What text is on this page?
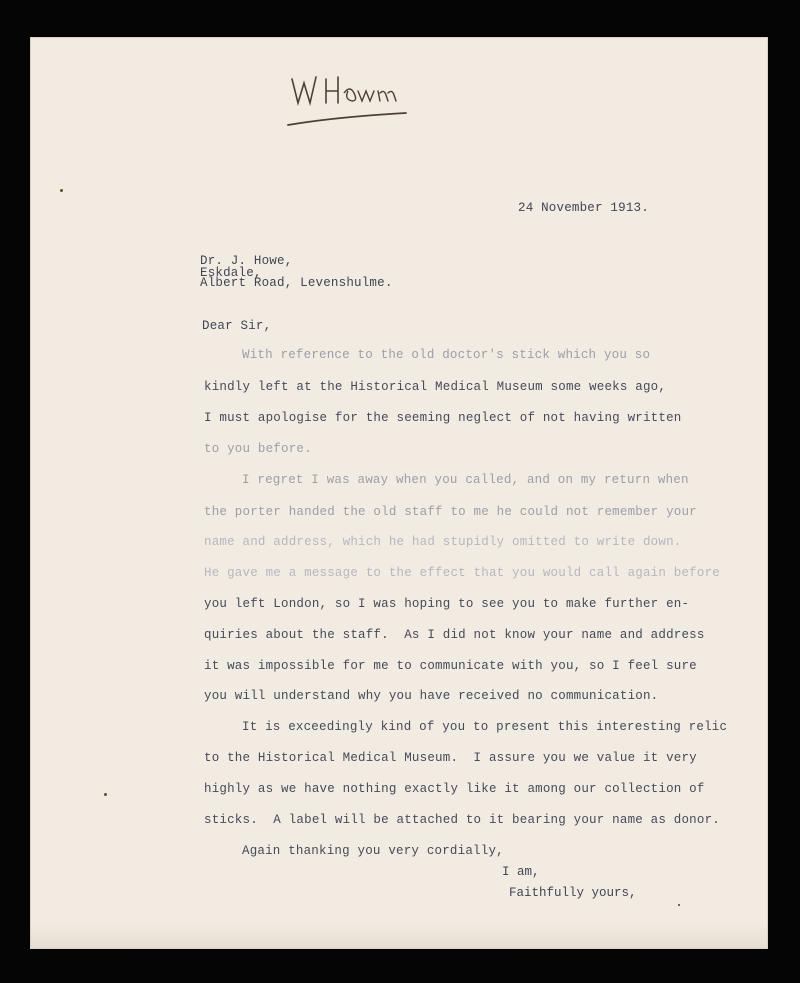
24 November 1913.
Dr. J. Howe,
Eskdale,
Albert Road, Levenshulme.
Dear Sir,
With reference to the old doctor's stick which you so
kindly left at the Historical Medical Museum some weeks ago,
I must apologise for the seeming neglect of not having written
to you before.
I regret I was away when you called, and on my return when
the porter handed the old staff to me he could not remember your
name and address, which he had stupidly omitted to write down.
He gave me a message to the effect that you would call again before
you left London, so I was hoping to see you to make further en-
quiries about the staff.  As I did not know your name and address
it was impossible for me to communicate with you, so I feel sure
you will understand why you have received no communication.
It is exceedingly kind of you to present this interesting relic
to the Historical Medical Museum.  I assure you we value it very
highly as we have nothing exactly like it among our collection of
sticks.  A label will be attached to it bearing your name as donor.
Again thanking you very cordially,
I am,
Faithfully yours,
